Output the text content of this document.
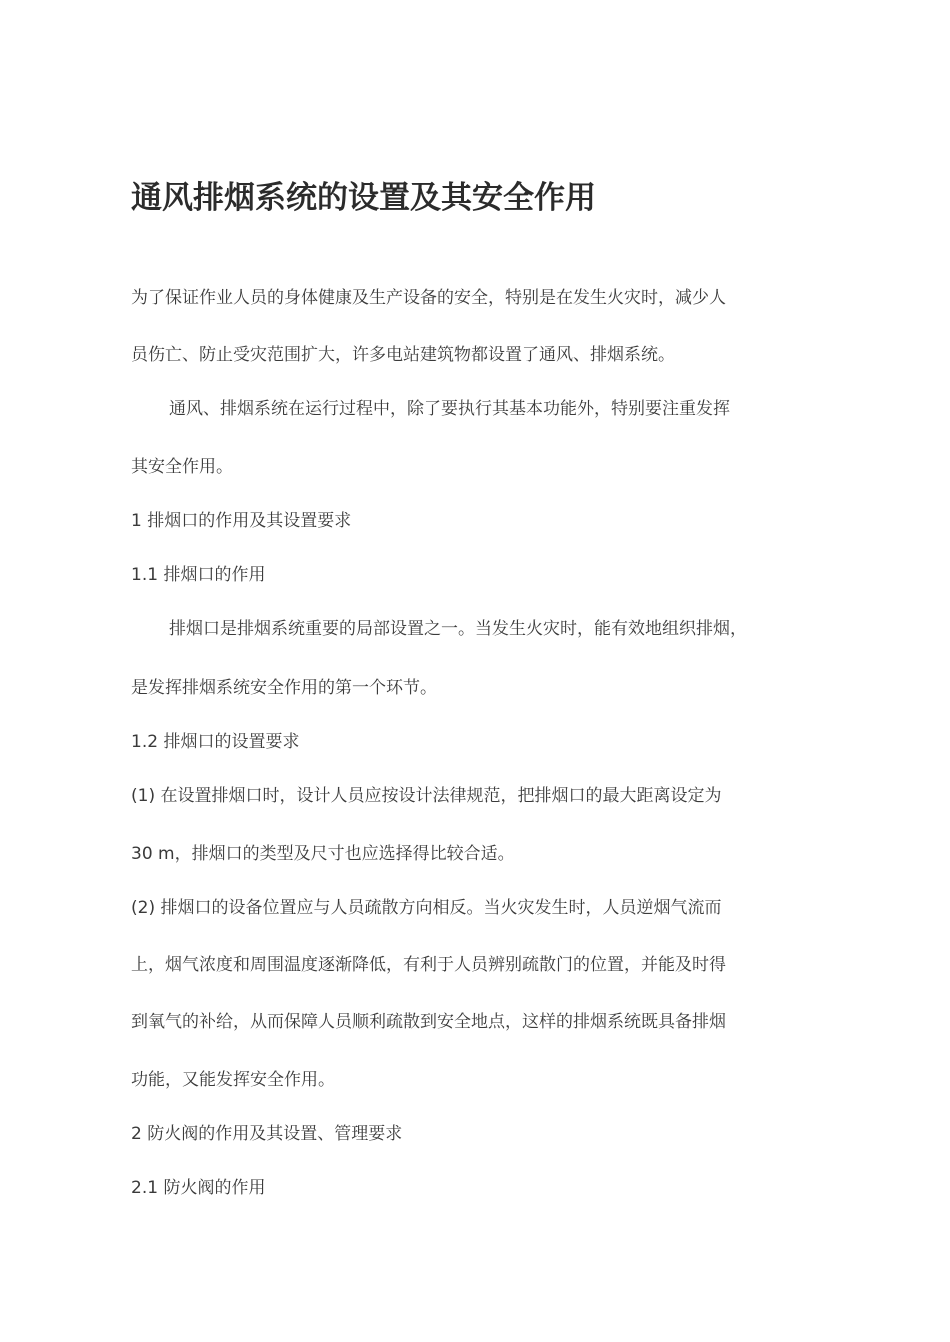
通风排烟系统的设置及其安全作用

为了保证作业人员的身体健康及生产设备的安全，特别是在发生火灾时，减少人

员伤亡、防止受灾范围扩大，许多电站建筑物都设置了通风、排烟系统。

通风、排烟系统在运行过程中，除了要执行其基本功能外，特别要注重发挥

其安全作用。

1 排烟口的作用及其设置要求

1.1 排烟口的作用

排烟口是排烟系统重要的局部设置之一。当发生火灾时，能有效地组织排烟，

是发挥排烟系统安全作用的第一个环节。

1.2 排烟口的设置要求

(1) 在设置排烟口时，设计人员应按设计法律规范，把排烟口的最大距离设定为

30 m，排烟口的类型及尺寸也应选择得比较合适。

(2) 排烟口的设备位置应与人员疏散方向相反。当火灾发生时，人员逆烟气流而

上，烟气浓度和周围温度逐渐降低，有利于人员辨别疏散门的位置，并能及时得

到氧气的补给，从而保障人员顺利疏散到安全地点，这样的排烟系统既具备排烟

功能，又能发挥安全作用。

2 防火阀的作用及其设置、管理要求

2.1 防火阀的作用
